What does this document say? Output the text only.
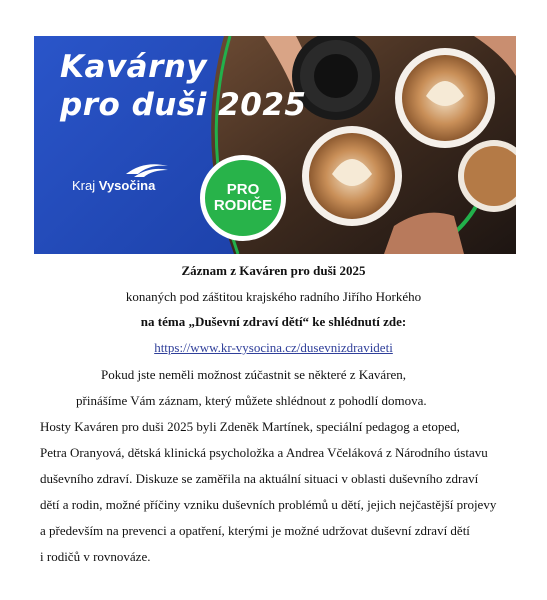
Kavárny
pro duši 2025
Kraj Vysočina	PRO
RODIČE
Záznam z Kaváren pro duši 2025
konaných pod záštitou krajského radního Jiřího Horkého
na téma „Duševní zdraví dětí“ ke shlédnutí zde:
https://www.kr-vysocina.cz/dusevnizdravideti
Pokud jste neměli možnost zúčastnit se některé z Kaváren,
přinášíme Vám záznam, který můžete shlédnout z pohodlí domova.
Hosty Kaváren pro duši 2025 byli Zdeněk Martínek, speciální pedagog a etoped,
Petra Oranyová, dětská klinická psycholožka a Andrea Včeláková z Národního ústavu
duševního zdraví. Diskuze se zaměřila na aktuální situaci v oblasti duševního zdraví
dětí a rodin, možné příčiny vzniku duševních problémů u dětí, jejich nejčastější projevy
a především na prevenci a opatření, kterými je možné udržovat duševní zdraví dětí
i rodičů v rovnováze.
